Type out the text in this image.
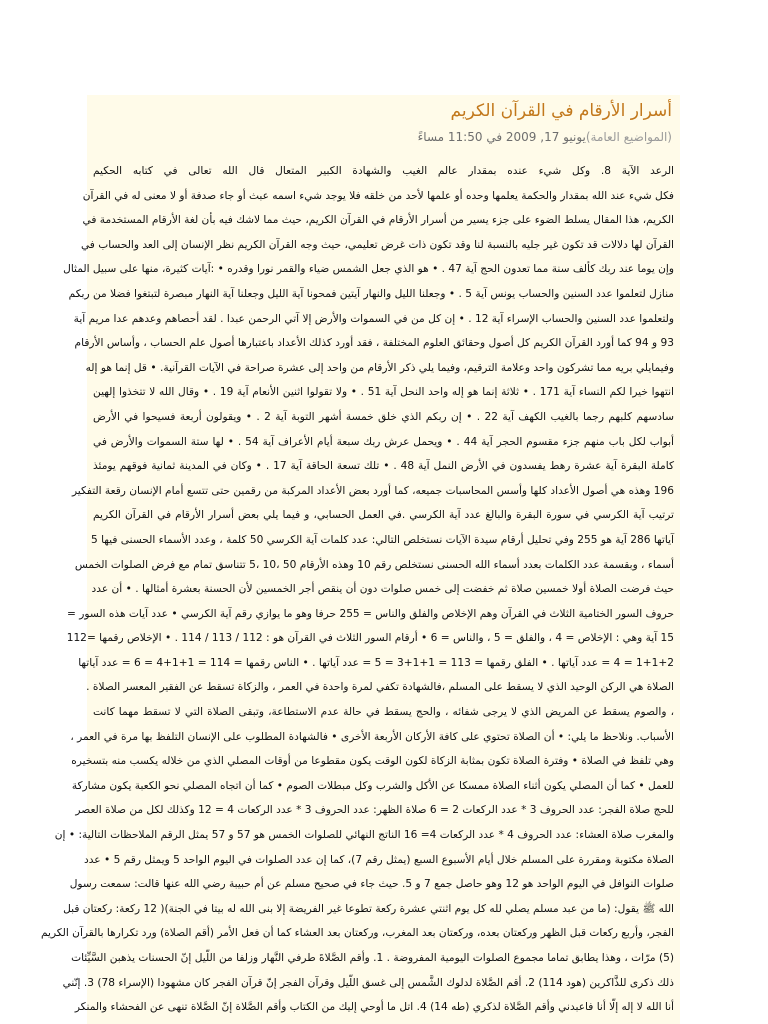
أسرار الأرقام في القرآن الكريم

(المواضيع العامة)يونيو 17, 2009 في 11:50 مساءً

الرعد الآية 8. وكل شيء عنده بمقدار عالم الغيب والشهادة الكبير المتعال قال الله تعالى في كتابه الحكيم
فكل شيء عند الله بمقدار والحكمة يعلمها وحده أو علمها لأحد من خلقه فلا يوجد شيء اسمه عبث أو جاء صدفة أو لا معنى له في القرآن
الكريم، هذا المقال يسلط الضوء على جزء يسير من أسرار الأرقام في القرآن الكريم، حيث مما لاشك فيه بأن لغة الأرقام المستخدمة في
القرآن لها دلالات قد تكون غير جليه بالنسبة لنا وقد تكون ذات غرض تعليمي، حيث وجه القرآن الكريم نظر الإنسان إلى العد والحساب في
وإن يوما عند ربك كألف سنة مما تعدون الحج آية 47 . • هو الذي جعل الشمس ضياء والقمر نورا وقدره • :آيات كثيرة، منها على سبيل المثال
منازل لتعلموا عدد السنين والحساب يونس آية 5 . • وجعلنا الليل والنهار آيتين فمحونا آية الليل وجعلنا آية النهار مبصرة لتبتغوا فضلا من ربكم
ولتعلموا عدد السنين والحساب الإسراء آية 12 . • إن كل من في السموات والأرض إلا آتي الرحمن عبدا . لقد أحصاهم وعدهم عدا مريم آية
93 و 94 كما أورد القرآن الكريم كل أصول وحقائق العلوم المختلفة ، فقد أورد كذلك الأعداد باعتبارها أصول علم الحساب ، وأساس الأرقام
وفيمايلي بريه مما تشركون واحد وعلامة الترقيم، وفيما يلي ذكر الأرقام من واحد إلى عشرة صراحة في الآيات القرآنية. • قل إنما هو إله
انتهوا خيرا لكم النساء آية 171 . • ثلاثة إنما هو إله واحد النحل آية 51 . • ولا تقولوا اثنين الأنعام آية 19 . • وقال الله لا تتخذوا إلهين
سادسهم كلبهم رجما بالغيب الكهف آية 22 . • إن ربكم الذي خلق خمسة أشهر التوبة آية 2 . • ويقولون أربعة فسيحوا في الأرض
أبواب لكل باب منهم جزء مقسوم الحجر آية 44 . • ويحمل عرش ربك سبعة أيام الأعراف آية 54 . • لها ستة السموات والأرض في
كاملة البقرة آية عشرة رهط يفسدون في الأرض النمل آية 48 . • تلك تسعة الحاقة آية 17 . • وكان في المدينة ثمانية فوقهم يومئذ
196 وهذه هي أصول الأعداد كلها وأسس المحاسبات جميعه، كما أورد بعض الأعداد المركبة من رقمين حتى تتسع أمام الإنسان رقعة التفكير
ترتيب آية الكرسي في سورة البقرة والبالغ عدد آية الكرسي .في العمل الحسابي، و فيما يلي بعض أسرار الأرقام في القرآن الكريم
آياتها 286 آية هو 255 وفي تحليل أرقام سيدة الآيات نستخلص التالي: عدد كلمات آية الكرسي 50 كلمة ، وعدد الأسماء الحسنى فيها 5
أسماء ، وبقسمة عدد الكلمات بعدد أسماء الله الحسنى نستخلص رقم 10 وهذه الأرقام 50 ،10 ،5 تتناسق تمام مع فرض الصلوات الخمس
حيث فرضت الصلاة أولا خمسين صلاة ثم خفضت إلى خمس صلوات دون أن ينقص أجر الخمسين لأن الحسنة بعشرة أمثالها . • أن عدد
حروف السور الختامية الثلاث في القرآن وهم الإخلاص والفلق والناس = 255 حرفا وهو ما يوازي رقم آية الكرسي • عدد آيات هذه السور =
15 آية وهي : الإخلاص = 4 ، والفلق = 5 ، والناس = 6 • أرقام السور الثلاث في القرآن هو : 112 / 113 / 114 . • الإخلاص رقمها =112
1+1+2 = 4 = عدد آياتها . • الفلق رقمها = 113 = 1+1+3 = 5 = عدد آياتها . • الناس رقمها = 114 = 1+1+4 = 6 = عدد آياتها
الصلاة هي الركن الوحيد الذي لا يسقط على المسلم ،فالشهادة تكفي لمرة واحدة في العمر ، والزكاة تسقط عن الفقير المعسر الصلاة .
، والصوم يسقط عن المريض الذي لا يرجى شفائه ، والحج يسقط في حالة عدم الاستطاعة، وتبقى الصلاة التي لا تسقط مهما كانت
الأسباب. ونلاحظ ما يلي: • أن الصلاة تحتوي على كافة الأركان الأربعة الأخرى • فالشهادة المطلوب على الإنسان التلفظ بها مرة في العمر ،
وهي تلفظ في الصلاة • وفترة الصلاة تكون بمثابة الزكاة لكون الوقت يكون مقطوعا من أوقات المصلي الذي من خلاله يكسب منه بتسخيره
للعمل • كما أن المصلي يكون أثناء الصلاة ممسكا عن الأكل والشرب وكل مبطلات الصوم • كما أن اتجاه المصلي نحو الكعبة يكون مشاركة
للحج صلاة الفجر: عدد الحروف 3 * عدد الركعات 2 = 6 صلاة الظهر: عدد الحروف 3 * عدد الركعات 4 = 12 وكذلك لكل من صلاة العصر
والمغرب صلاة العشاء: عدد الحروف 4 * عدد الركعات 4= 16 الناتج النهائي للصلوات الخمس هو 57 و 57 يمثل الرقم الملاحظات التالية: • إن
الصلاة مكتوبة ومقررة على المسلم خلال أيام الأسبوع السبع (يمثل رقم 7)، كما إن عدد الصلوات في اليوم الواحد 5 ويمثل رقم 5 • عدد
صلوات النوافل في اليوم الواحد هو 12 وهو حاصل جمع 7 و 5. حيث جاء في صحيح مسلم عن أم حبيبة رضي الله عنها قالت: سمعت رسول
الله ﷺ يقول: (ما من عبد مسلم يصلي لله كل يوم اثنتي عشرة ركعة تطوعا غير الفريضة إلا بنى الله له بيتا في الجنة)( 12 ركعة: ركعتان قبل
الفجر، وأربع ركعات قبل الظهر وركعتان بعده، وركعتان بعد المغرب، وركعتان بعد العشاء كما أن فعل الأمر (أقم الصلاة) ورد تكرارها بالقرآن الكريم
(5) مرّات ، وهذا يطابق تماما مجموع الصلوات اليومية المفروضة . 1. وأقم الصَّلاةَ طرفي النَّهار وزلفا من اللّيل إنّ الحسنات يذهبن السَّيِّئات
ذلك ذكرى للذَّاكرين (هود 114) 2. أقم الصَّلاة لدلوك الشَّمس إلى غسق اللّيل وقرآن الفجر إنّ قرآن الفجر كان مشهودا (الإسراء 78) 3. إنّني
أنا الله لا إله إلّا أنا فاعبدني وأقم الصَّلاة لذكري (طه 14) 4. اتل ما أوحي إليك من الكتاب وأقم الصَّلاة إنّ الصَّلاة تنهى عن الفحشاء والمنكر
